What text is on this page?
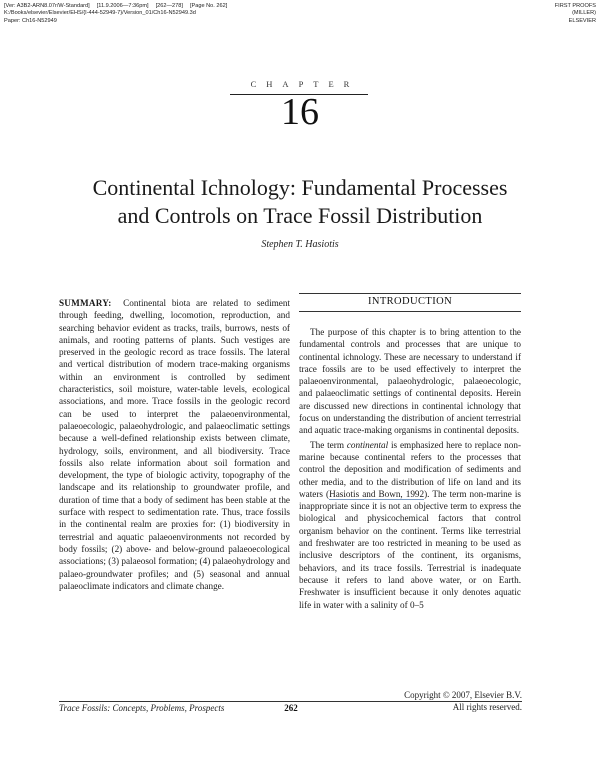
[Ver: A3B2-ARN8.07r/W-Standard] [11.9.2006—7:36pm] [262—278] [Page No. 262]
K:/Books/elsevier/Elsevier/EHS/{I-444-52949-7}/Version_01/Ch16-N52949.3d
Paper: Ch16-N52949
FIRST PROOFS
(MILLER)
ELSEVIER
CHAPTER
16
Continental Ichnology: Fundamental Processes
and Controls on Trace Fossil Distribution
Stephen T. Hasiotis

SUMMARY: Continental biota are related to sediment through feeding, dwelling, locomotion, reproduction, and searching behavior evident as tracks, trails, burrows, nests of animals, and rooting patterns of plants. Such vestiges are preserved in the geologic record as trace fossils. The lateral and vertical distribution of modern trace-making organisms within an environment is controlled by sediment characteristics, soil moisture, water-table levels, ecological associations, and more. Trace fossils in the geologic record can be used to interpret the palaeoenvironmental, palaeoecologic, palaeohydrologic, and palaeoclimatic settings because a well-defined relationship exists between climate, hydrology, soils, environment, and all biodiversity. Trace fossils also relate information about soil formation and development, the type of biologic activity, topography of the landscape and its relationship to groundwater profile, and duration of time that a body of sediment has been stable at the surface with respect to sedimentation rate. Thus, trace fossils in the continental realm are proxies for: (1) biodiversity in terrestrial and aquatic palaeoenvironments not recorded by body fossils; (2) above- and below-ground palaeoecological associations; (3) palaeosol formation; (4) palaeohydrology and palaeo-groundwater profiles; and (5) seasonal and annual palaeoclimate indicators and climate change.

INTRODUCTION

The purpose of this chapter is to bring attention to the fundamental controls and processes that are unique to continental ichnology. These are necessary to understand if trace fossils are to be used effectively to interpret the palaeoenvironmental, palaeohydrologic, palaeoecologic, and palaeoclimatic settings of continental deposits. Herein are discussed new directions in continental ichnology that focus on understanding the distribution of ancient terrestrial and aquatic trace-making organisms in continental deposits.

The term continental is emphasized here to replace non-marine because continental refers to the processes that control the deposition and modification of sediments and other media, and to the distribution of life on land and its waters (Hasiotis and Bown, 1992). The term non-marine is inappropriate since it is not an objective term to express the biological and physicochemical factors that control organism behavior on the continent. Terms like terrestrial and freshwater are too restricted in meaning to be used as inclusive descriptors of the continent, its organisms, behaviors, and its trace fossils. Terrestrial is inadequate because it refers to land above water, or on Earth. Freshwater is insufficient because it only denotes aquatic life in water with a salinity of 0–5

Copyright © 2007, Elsevier B.V.
All rights reserved.
Trace Fossils: Concepts, Problems, Prospects	262
